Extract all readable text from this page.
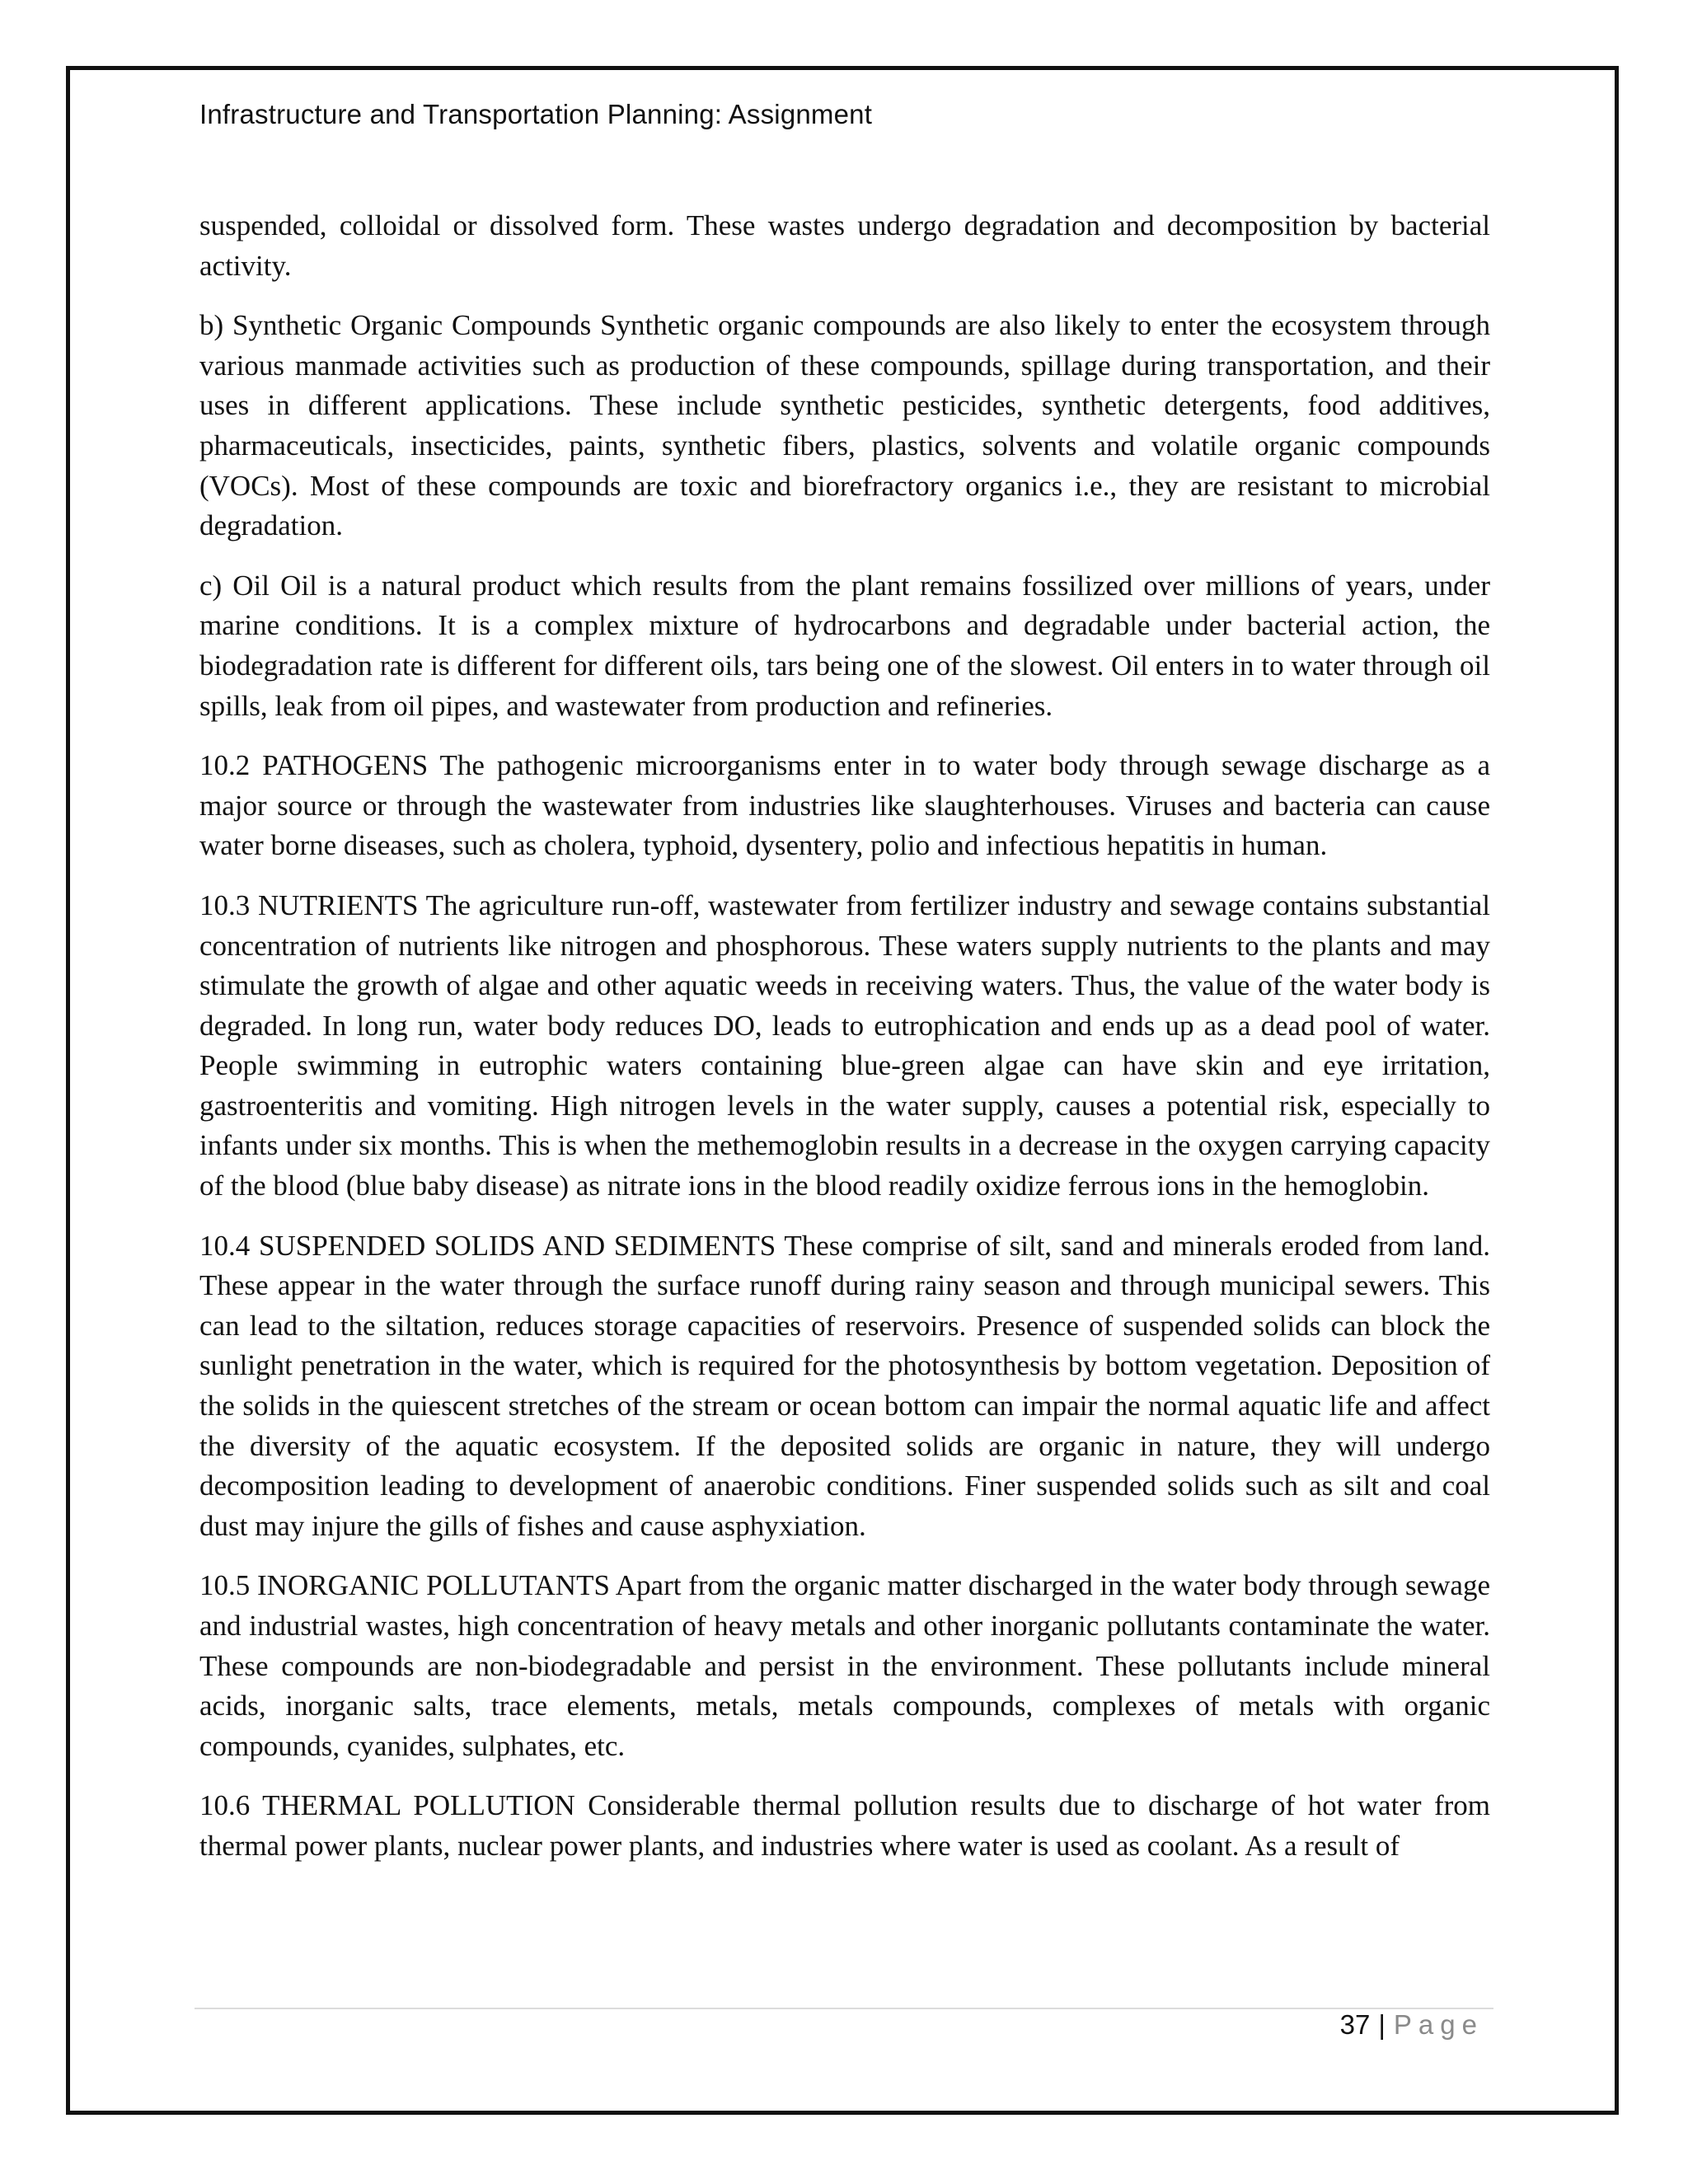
Infrastructure and Transportation Planning: Assignment

suspended, colloidal or dissolved form. These wastes undergo degradation and decomposition by bacterial activity.

b) Synthetic Organic Compounds Synthetic organic compounds are also likely to enter the ecosystem through various manmade activities such as production of these compounds, spillage during transportation, and their uses in different applications. These include synthetic pesticides, synthetic detergents, food additives, pharmaceuticals, insecticides, paints, synthetic fibers, plastics, solvents and volatile organic compounds (VOCs). Most of these compounds are toxic and biorefractory organics i.e., they are resistant to microbial degradation.

c) Oil Oil is a natural product which results from the plant remains fossilized over millions of years, under marine conditions. It is a complex mixture of hydrocarbons and degradable under bacterial action, the biodegradation rate is different for different oils, tars being one of the slowest. Oil enters in to water through oil spills, leak from oil pipes, and wastewater from production and refineries.

10.2 PATHOGENS The pathogenic microorganisms enter in to water body through sewage discharge as a major source or through the wastewater from industries like slaughterhouses. Viruses and bacteria can cause water borne diseases, such as cholera, typhoid, dysentery, polio and infectious hepatitis in human.

10.3 NUTRIENTS The agriculture run-off, wastewater from fertilizer industry and sewage contains substantial concentration of nutrients like nitrogen and phosphorous. These waters supply nutrients to the plants and may stimulate the growth of algae and other aquatic weeds in receiving waters. Thus, the value of the water body is degraded. In long run, water body reduces DO, leads to eutrophication and ends up as a dead pool of water. People swimming in eutrophic waters containing blue-green algae can have skin and eye irritation, gastroenteritis and vomiting. High nitrogen levels in the water supply, causes a potential risk, especially to infants under six months. This is when the methemoglobin results in a decrease in the oxygen carrying capacity of the blood (blue baby disease) as nitrate ions in the blood readily oxidize ferrous ions in the hemoglobin.

10.4 SUSPENDED SOLIDS AND SEDIMENTS These comprise of silt, sand and minerals eroded from land. These appear in the water through the surface runoff during rainy season and through municipal sewers. This can lead to the siltation, reduces storage capacities of reservoirs. Presence of suspended solids can block the sunlight penetration in the water, which is required for the photosynthesis by bottom vegetation. Deposition of the solids in the quiescent stretches of the stream or ocean bottom can impair the normal aquatic life and affect the diversity of the aquatic ecosystem. If the deposited solids are organic in nature, they will undergo decomposition leading to development of anaerobic conditions. Finer suspended solids such as silt and coal dust may injure the gills of fishes and cause asphyxiation.

10.5 INORGANIC POLLUTANTS Apart from the organic matter discharged in the water body through sewage and industrial wastes, high concentration of heavy metals and other inorganic pollutants contaminate the water. These compounds are non-biodegradable and persist in the environment. These pollutants include mineral acids, inorganic salts, trace elements, metals, metals compounds, complexes of metals with organic compounds, cyanides, sulphates, etc.

10.6 THERMAL POLLUTION Considerable thermal pollution results due to discharge of hot water from thermal power plants, nuclear power plants, and industries where water is used as coolant. As a result of

37 | Page
